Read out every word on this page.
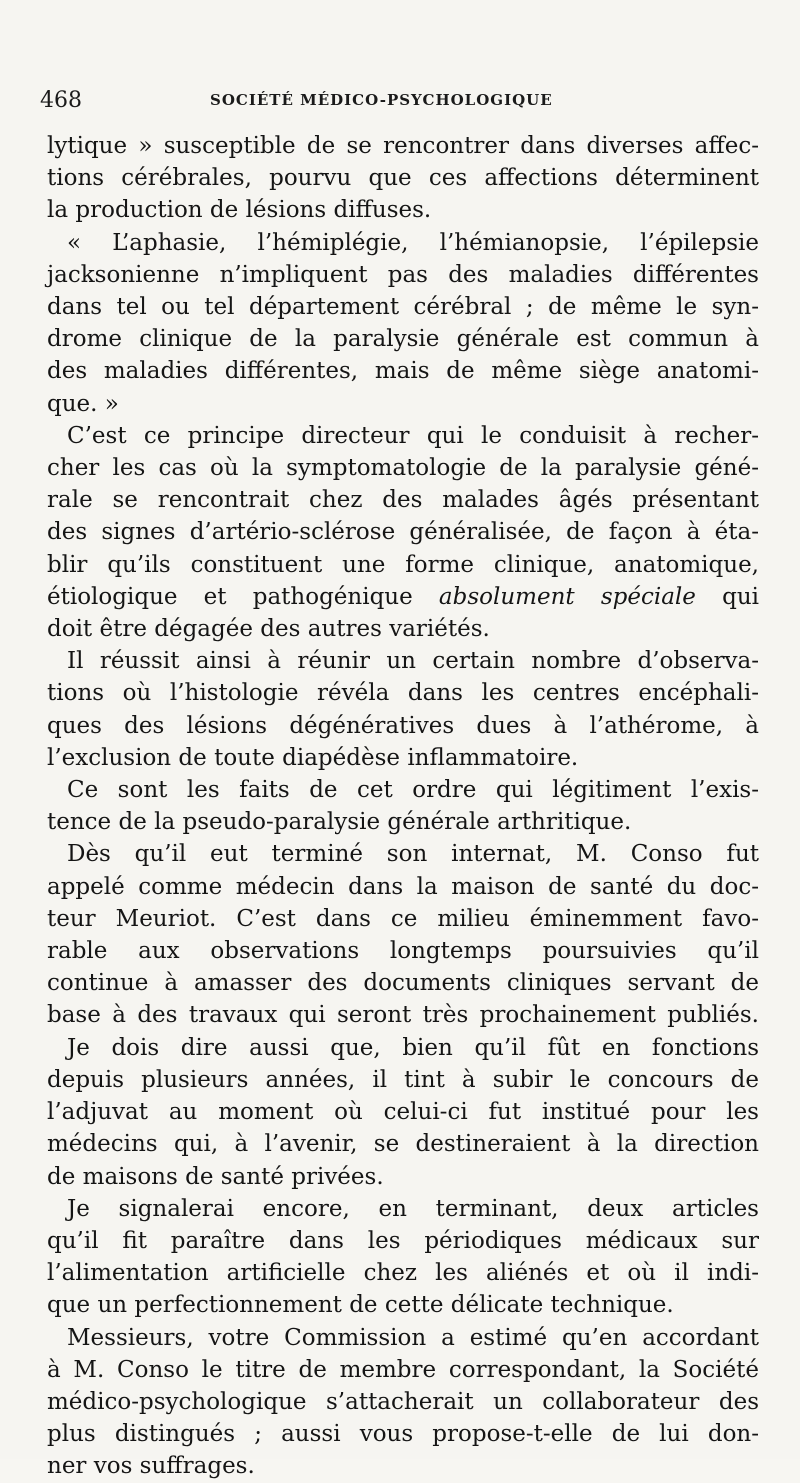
468	SOCIÉTÉ MÉDICO-PSYCHOLOGIQUE
lytique » susceptible de se rencontrer dans diverses affec-
tions cérébrales, pourvu que ces affections déterminent
la production de lésions diffuses.
« L’aphasie, l’hémiplégie, l’hémianopsie, l’épilepsie
jacksonienne n’impliquent pas des maladies différentes
dans tel ou tel département cérébral ; de même le syn-
drome clinique de la paralysie générale est commun à
des maladies différentes, mais de même siège anatomi-
que. »
C’est ce principe directeur qui le conduisit à recher-
cher les cas où la symptomatologie de la paralysie géné-
rale se rencontrait chez des malades âgés présentant
des signes d’artério-sclérose généralisée, de façon à éta-
blir qu’ils constituent une forme clinique, anatomique,
étiologique et pathogénique absolument spéciale qui
doit être dégagée des autres variétés.
Il réussit ainsi à réunir un certain nombre d’observa-
tions où l’histologie révéla dans les centres encéphali-
ques des lésions dégénératives dues à l’athérome, à
l’exclusion de toute diapédèse inflammatoire.
Ce sont les faits de cet ordre qui légitiment l’exis-
tence de la pseudo-paralysie générale arthritique.
Dès qu’il eut terminé son internat, M. Conso fut
appelé comme médecin dans la maison de santé du doc-
teur Meuriot. C’est dans ce milieu éminemment favo-
rable aux observations longtemps poursuivies qu’il
continue à amasser des documents cliniques servant de
base à des travaux qui seront très prochainement publiés.
Je dois dire aussi que, bien qu’il fût en fonctions
depuis plusieurs années, il tint à subir le concours de
l’adjuvat au moment où celui-ci fut institué pour les
médecins qui, à l’avenir, se destineraient à la direction
de maisons de santé privées.
Je signalerai encore, en terminant, deux articles
qu’il fit paraître dans les périodiques médicaux sur
l’alimentation artificielle chez les aliénés et où il indi-
que un perfectionnement de cette délicate technique.
Messieurs, votre Commission a estimé qu’en accordant
à M. Conso le titre de membre correspondant, la Société
médico-psychologique s’attacherait un collaborateur des
plus distingués ; aussi vous propose-t-elle de lui don-
ner vos suffrages.
